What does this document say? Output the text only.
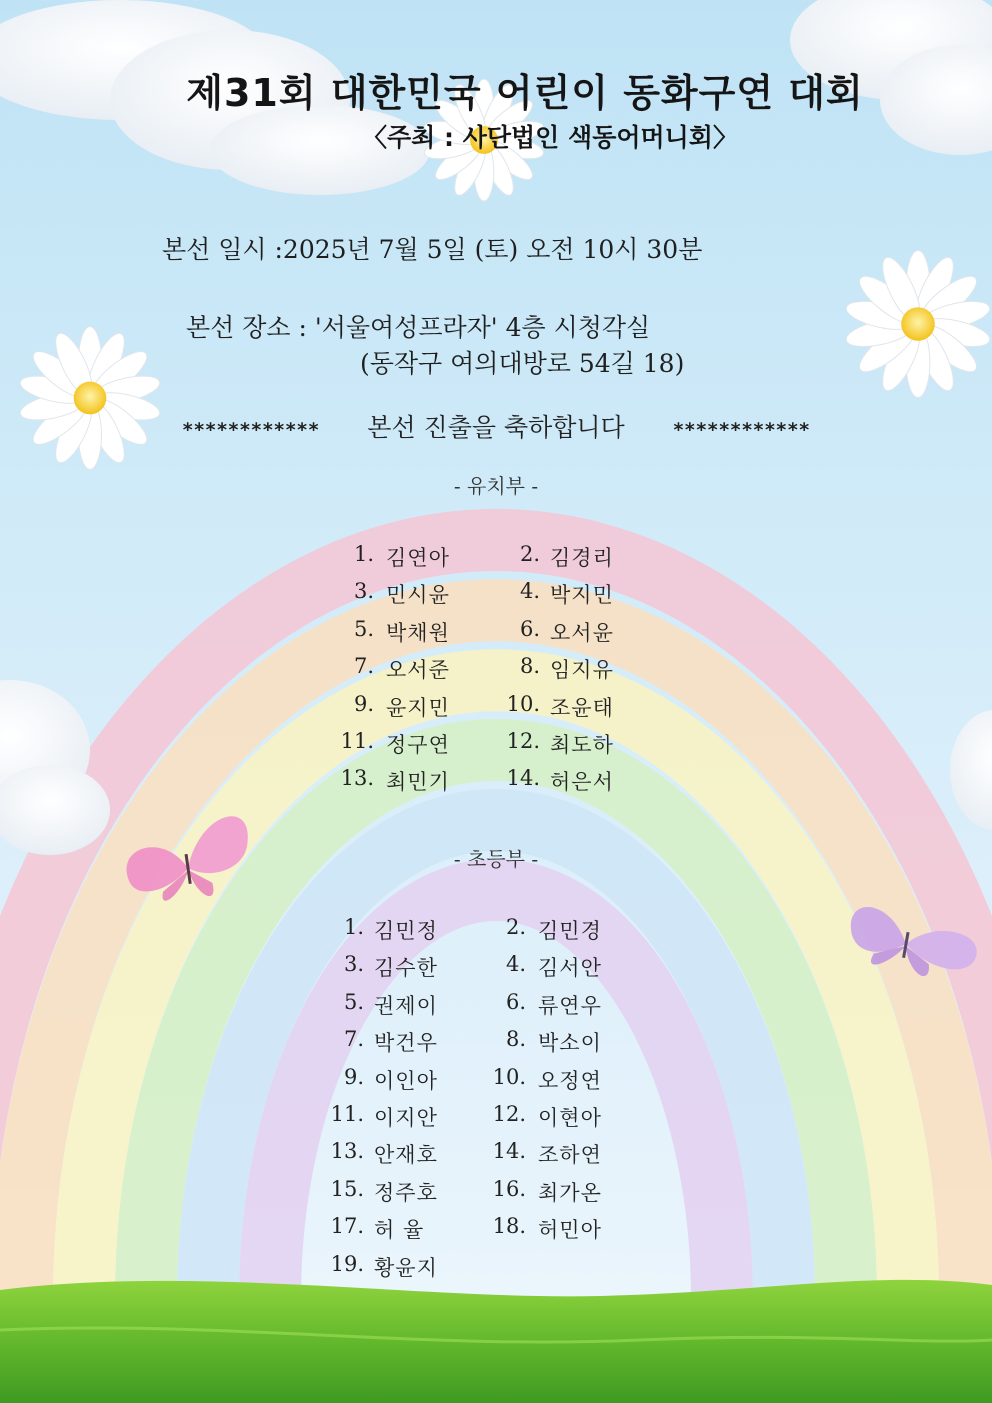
제31회 대한민국 어린이 동화구연 대회
〈주최 : 사단법인 색동어머니회〉
본선 일시 :2025년 7월 5일 (토) 오전 10시 30분
본선 장소 : '서울여성프라자' 4층 시청각실
(동작구 여의대방로 54길 18)
************ 본선 진출을 축하합니다	************
- 유치부 -
1. 김연아	2. 김경리
3. 민시윤	4. 박지민
5. 박채원	6. 오서윤
7. 오서준	8. 임지유
9. 윤지민	10. 조윤태
11. 정구연	12. 최도하
13. 최민기	14. 허은서
- 초등부 -
1. 김민정	2. 김민경
3. 김수한	4. 김서안
5. 권제이	6. 류연우
7. 박건우	8. 박소이
9. 이인아	10. 오정연
11. 이지안	12. 이현아
13. 안재호	14. 조하연
15. 정주호	16. 최가온
17. 허 율	18. 허민아
19. 황윤지
